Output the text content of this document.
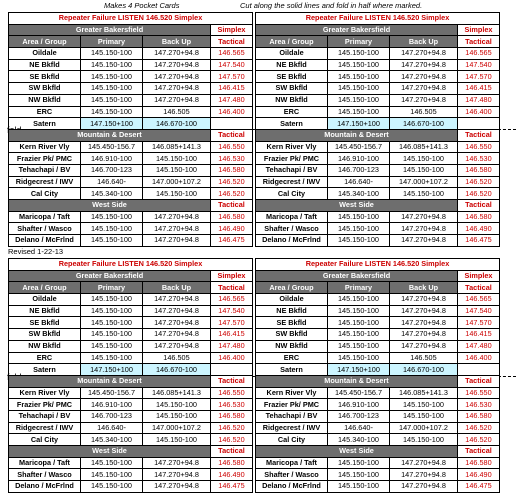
Makes 4 Pocket Cards	Cut along the solid lines and fold in half where marked.
Revised 1-22-13
Repeater Failure LISTEN 146.520 Simplex			
Greater Bakersfield			Simplex
Area / Group	Primary	Back Up	Tactical
Oildale	145.150-100	147.270+94.8	146.565
NE Bkfld	145.150-100	147.270+94.8	147.540
SE Bkfld	145.150-100	147.270+94.8	147.570
SW Bkfld	145.150-100	147.270+94.8	146.415
NW Bkfld	145.150-100	147.270+94.8	147.480
ERC	145.150-100	146.505	146.400
Satern	147.150+100	146.670-100	
Mountain & Desert			Tactical
Kern River Vly	145.450-156.7	146.085+141.3	146.550
Frazier Pk/ PMC	146.910-100	145.150-100	146.530
Tehachapi / BV	146.700-123	145.150-100	146.580
Ridgecrest / IWV	146.640-	147.000+107.2	146.520
Cal City	145.340-100	145.150-100	146.520
West Side			Tactical
Maricopa / Taft	145.150-100	147.270+94.8	146.580
Shafter / Wasco	145.150-100	147.270+94.8	146.490
Delano / McFrlnd	145.150-100	147.270+94.8	146.475
Repeater Failure LISTEN 146.520 Simplex			
Greater Bakersfield			Simplex
Area / Group	Primary	Back Up	Tactical
Oildale	145.150-100	147.270+94.8	146.565
NE Bkfld	145.150-100	147.270+94.8	147.540
SE Bkfld	145.150-100	147.270+94.8	147.570
SW Bkfld	145.150-100	147.270+94.8	146.415
NW Bkfld	145.150-100	147.270+94.8	147.480
ERC	145.150-100	146.505	146.400
Satern	147.150+100	146.670-100	
Mountain & Desert			Tactical
Kern River Vly	145.450-156.7	146.085+141.3	146.550
Frazier Pk/ PMC	146.910-100	145.150-100	146.530
Tehachapi / BV	146.700-123	145.150-100	146.580
Ridgecrest / IWV	146.640-	147.000+107.2	146.520
Cal City	145.340-100	145.150-100	146.520
West Side			Tactical
Maricopa / Taft	145.150-100	147.270+94.8	146.580
Shafter / Wasco	145.150-100	147.270+94.8	146.490
Delano / McFrlnd	145.150-100	147.270+94.8	146.475
Repeater Failure LISTEN 146.520 Simplex			
Greater Bakersfield			Simplex
Area / Group	Primary	Back Up	Tactical
Oildale	145.150-100	147.270+94.8	146.565
NE Bkfld	145.150-100	147.270+94.8	147.540
SE Bkfld	145.150-100	147.270+94.8	147.570
SW Bkfld	145.150-100	147.270+94.8	146.415
NW Bkfld	145.150-100	147.270+94.8	147.480
ERC	145.150-100	146.505	146.400
Satern	147.150+100	146.670-100	
Mountain & Desert			Tactical
Kern River Vly	145.450-156.7	146.085+141.3	146.550
Frazier Pk/ PMC	146.910-100	145.150-100	146.530
Tehachapi / BV	146.700-123	145.150-100	146.580
Ridgecrest / IWV	146.640-	147.000+107.2	146.520
Cal City	145.340-100	145.150-100	146.520
West Side			Tactical
Maricopa / Taft	145.150-100	147.270+94.8	146.580
Shafter / Wasco	145.150-100	147.270+94.8	146.490
Delano / McFrlnd	145.150-100	147.270+94.8	146.475
Repeater Failure LISTEN 146.520 Simplex			
Greater Bakersfield			Simplex
Area / Group	Primary	Back Up	Tactical
Oildale	145.150-100	147.270+94.8	146.565
NE Bkfld	145.150-100	147.270+94.8	147.540
SE Bkfld	145.150-100	147.270+94.8	147.570
SW Bkfld	145.150-100	147.270+94.8	146.415
NW Bkfld	145.150-100	147.270+94.8	147.480
ERC	145.150-100	146.505	146.400
Satern	147.150+100	146.670-100	
Mountain & Desert			Tactical
Kern River Vly	145.450-156.7	146.085+141.3	146.550
Frazier Pk/ PMC	146.910-100	145.150-100	146.530
Tehachapi / BV	146.700-123	145.150-100	146.580
Ridgecrest / IWV	146.640-	147.000+107.2	146.520
Cal City	145.340-100	145.150-100	146.520
West Side			Tactical
Maricopa / Taft	145.150-100	147.270+94.8	146.580
Shafter / Wasco	145.150-100	147.270+94.8	146.490
Delano / McFrlnd	145.150-100	147.270+94.8	146.475
